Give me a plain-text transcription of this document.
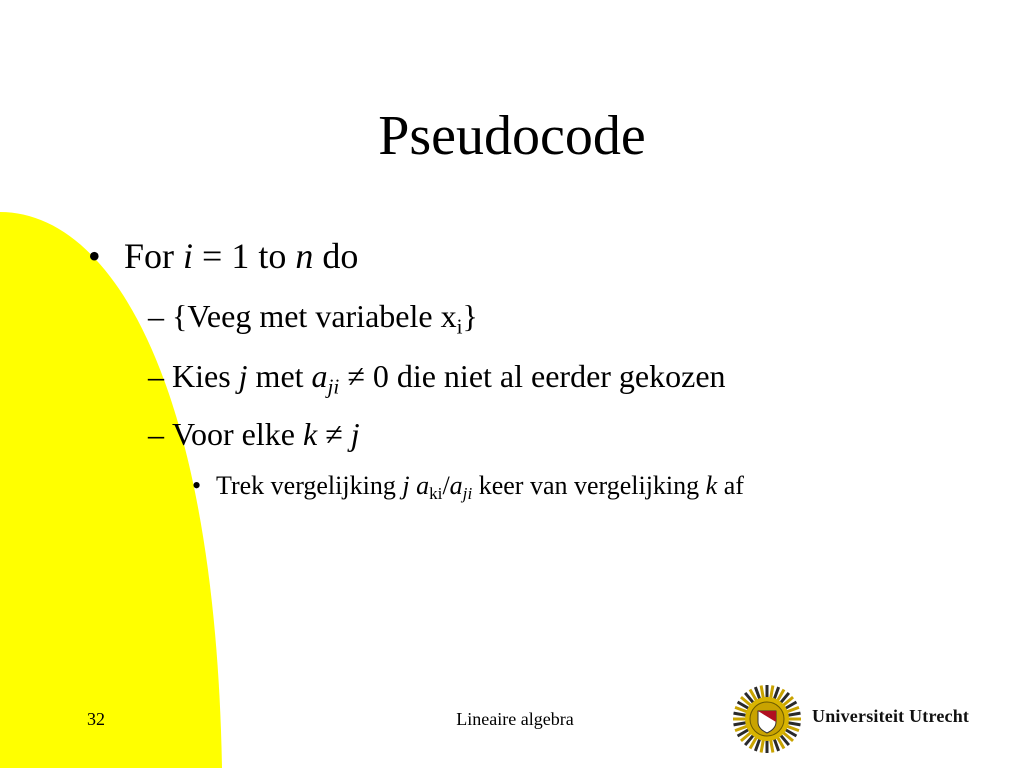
Pseudocode
• For i = 1 to n do
– {Veeg met variabele $x_i$}
– Kies j met $a_{ji} \ne 0$ die niet al eerder gekozen
– Voor elke k ≠ j
• Trek vergelijking j $a_{ki}/a_{ji}$ keer van vergelijking k af
32	Lineaire algebra	Universiteit Utrecht
